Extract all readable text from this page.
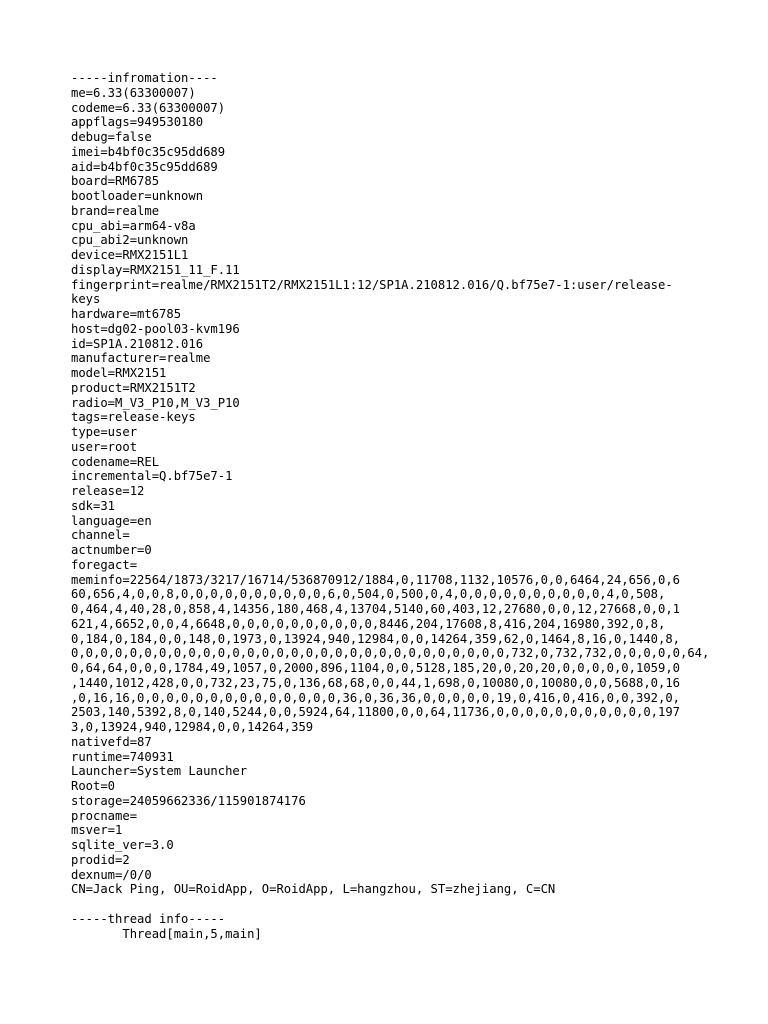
-----infromation----
me=6.33(63300007)
codeme=6.33(63300007)
appflags=949530180
debug=false
imei=b4bf0c35c95dd689
aid=b4bf0c35c95dd689
board=RM6785
bootloader=unknown
brand=realme
cpu_abi=arm64-v8a
cpu_abi2=unknown
device=RMX2151L1
display=RMX2151_11_F.11
fingerprint=realme/RMX2151T2/RMX2151L1:12/SP1A.210812.016/Q.bf75e7-1:user/release-
keys
hardware=mt6785
host=dg02-pool03-kvm196
id=SP1A.210812.016
manufacturer=realme
model=RMX2151
product=RMX2151T2
radio=M_V3_P10,M_V3_P10
tags=release-keys
type=user
user=root
codename=REL
incremental=Q.bf75e7-1
release=12
sdk=31
language=en
channel=
actnumber=0
foregact=
meminfo=22564/1873/3217/16714/536870912/1884,0,11708,1132,10576,0,0,6464,24,656,0,6
60,656,4,0,0,8,0,0,0,0,0,0,0,0,0,0,6,0,504,0,500,0,4,0,0,0,0,0,0,0,0,0,0,4,0,508,
0,464,4,40,28,0,858,4,14356,180,468,4,13704,5140,60,403,12,27680,0,0,12,27668,0,0,1
621,4,6652,0,0,4,6648,0,0,0,0,0,0,0,0,0,0,8446,204,17608,8,416,204,16980,392,0,8,
0,184,0,184,0,0,148,0,1973,0,13924,940,12984,0,0,14264,359,62,0,1464,8,16,0,1440,8,
0,0,0,0,0,0,0,0,0,0,0,0,0,0,0,0,0,0,0,0,0,0,0,0,0,0,0,0,0,0,732,0,732,732,0,0,0,0,0,64,
0,64,64,0,0,0,1784,49,1057,0,2000,896,1104,0,0,5128,185,20,0,20,20,0,0,0,0,0,1059,0
,1440,1012,428,0,0,732,23,75,0,136,68,68,0,0,44,1,698,0,10080,0,10080,0,0,5688,0,16
,0,16,16,0,0,0,0,0,0,0,0,0,0,0,0,0,0,36,0,36,36,0,0,0,0,0,19,0,416,0,416,0,0,392,0,
2503,140,5392,8,0,140,5244,0,0,5924,64,11800,0,0,64,11736,0,0,0,0,0,0,0,0,0,0,0,197
3,0,13924,940,12984,0,0,14264,359
nativefd=87
runtime=740931
Launcher=System Launcher
Root=0
storage=24059662336/115901874176
procname=
msver=1
sqlite_ver=3.0
prodid=2
dexnum=/0/0
CN=Jack Ping, OU=RoidApp, O=RoidApp, L=hangzhou, ST=zhejiang, C=CN
-----thread info-----
Thread[main,5,main]
